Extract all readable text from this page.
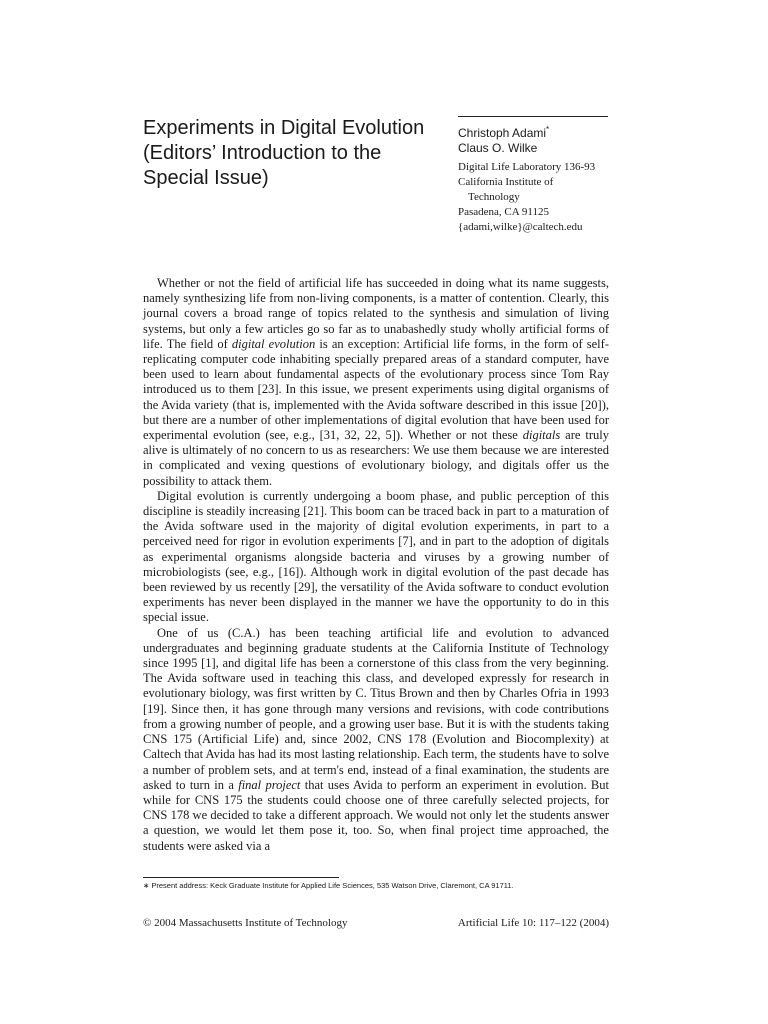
Experiments in Digital Evolution
(Editors’ Introduction to the
Special Issue)
Christoph Adami*
Claus O. Wilke
Digital Life Laboratory 136-93
California Institute of
Technology
Pasadena, CA 91125
{adami,wilke}@caltech.edu

Whether or not the field of artificial life has succeeded in doing what its name suggests, namely synthesizing life from non-living components, is a matter of contention. Clearly, this journal covers a broad range of topics related to the synthesis and simulation of living systems, but only a few articles go so far as to unabashedly study wholly artificial forms of life. The field of digital evolution is an exception: Artificial life forms, in the form of self-replicating computer code inhabiting specially prepared areas of a standard computer, have been used to learn about fundamental aspects of the evolutionary process since Tom Ray introduced us to them [23]. In this issue, we present experiments using digital organisms of the Avida variety (that is, implemented with the Avida software described in this issue [20]), but there are a number of other implementations of digital evolution that have been used for experimental evolution (see, e.g., [31, 32, 22, 5]). Whether or not these digitals are truly alive is ultimately of no concern to us as researchers: We use them because we are interested in complicated and vexing questions of evolutionary biology, and digitals offer us the possibility to attack them.

Digital evolution is currently undergoing a boom phase, and public perception of this discipline is steadily increasing [21]. This boom can be traced back in part to a maturation of the Avida software used in the majority of digital evolution experiments, in part to a perceived need for rigor in evolution experiments [7], and in part to the adoption of digitals as experimental organisms alongside bacteria and viruses by a growing number of microbiologists (see, e.g., [16]). Although work in digital evolution of the past decade has been reviewed by us recently [29], the versatility of the Avida software to conduct evolution experiments has never been displayed in the manner we have the opportunity to do in this special issue.

One of us (C.A.) has been teaching artificial life and evolution to advanced undergraduates and beginning graduate students at the California Institute of Technology since 1995 [1], and digital life has been a cornerstone of this class from the very beginning. The Avida software used in teaching this class, and developed expressly for research in evolutionary biology, was first written by C. Titus Brown and then by Charles Ofria in 1993 [19]. Since then, it has gone through many versions and revisions, with code contributions from a growing number of people, and a growing user base. But it is with the students taking CNS 175 (Artificial Life) and, since 2002, CNS 178 (Evolution and Biocomplexity) at Caltech that Avida has had its most lasting relationship. Each term, the students have to solve a number of problem sets, and at term's end, instead of a final examination, the students are asked to turn in a final project that uses Avida to perform an experiment in evolution. But while for CNS 175 the students could choose one of three carefully selected projects, for CNS 178 we decided to take a different approach. We would not only let the students answer a question, we would let them pose it, too. So, when final project time approached, the students were asked via a

∗ Present address: Keck Graduate Institute for Applied Life Sciences, 535 Watson Drive, Claremont, CA 91711.
© 2004 Massachusetts Institute of Technology	Artificial Life 10: 117–122 (2004)
